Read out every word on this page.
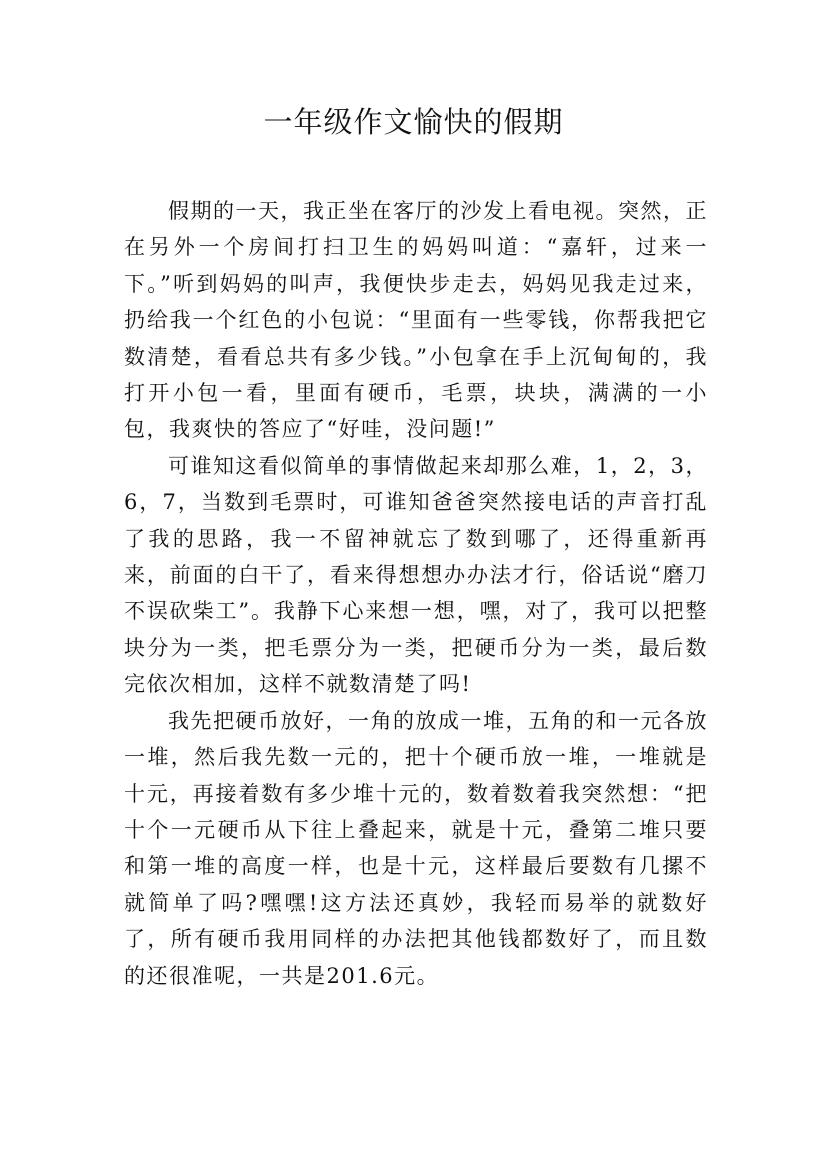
一年级作文愉快的假期

假期的一天，我正坐在客厅的沙发上看电视。突然，正在另外一个房间打扫卫生的妈妈叫道：“嘉轩，过来一下。”听到妈妈的叫声，我便快步走去，妈妈见我走过来，扔给我一个红色的小包说：“里面有一些零钱，你帮我把它数清楚，看看总共有多少钱。”小包拿在手上沉甸甸的，我打开小包一看，里面有硬币，毛票，块块，满满的一小包，我爽快的答应了“好哇，没问题!”

可谁知这看似简单的事情做起来却那么难，1，2，3，6，7，当数到毛票时，可谁知爸爸突然接电话的声音打乱了我的思路，我一不留神就忘了数到哪了，还得重新再来，前面的白干了，看来得想想办办法才行，俗话说“磨刀不误砍柴工”。我静下心来想一想，嘿，对了，我可以把整块分为一类，把毛票分为一类，把硬币分为一类，最后数完依次相加，这样不就数清楚了吗!

我先把硬币放好，一角的放成一堆，五角的和一元各放一堆，然后我先数一元的，把十个硬币放一堆，一堆就是十元，再接着数有多少堆十元的，数着数着我突然想：“把十个一元硬币从下往上叠起来，就是十元，叠第二堆只要和第一堆的高度一样，也是十元，这样最后要数有几摞不就简单了吗?嘿嘿!这方法还真妙，我轻而易举的就数好了，所有硬币我用同样的办法把其他钱都数好了，而且数的还很准呢，一共是201.6元。
